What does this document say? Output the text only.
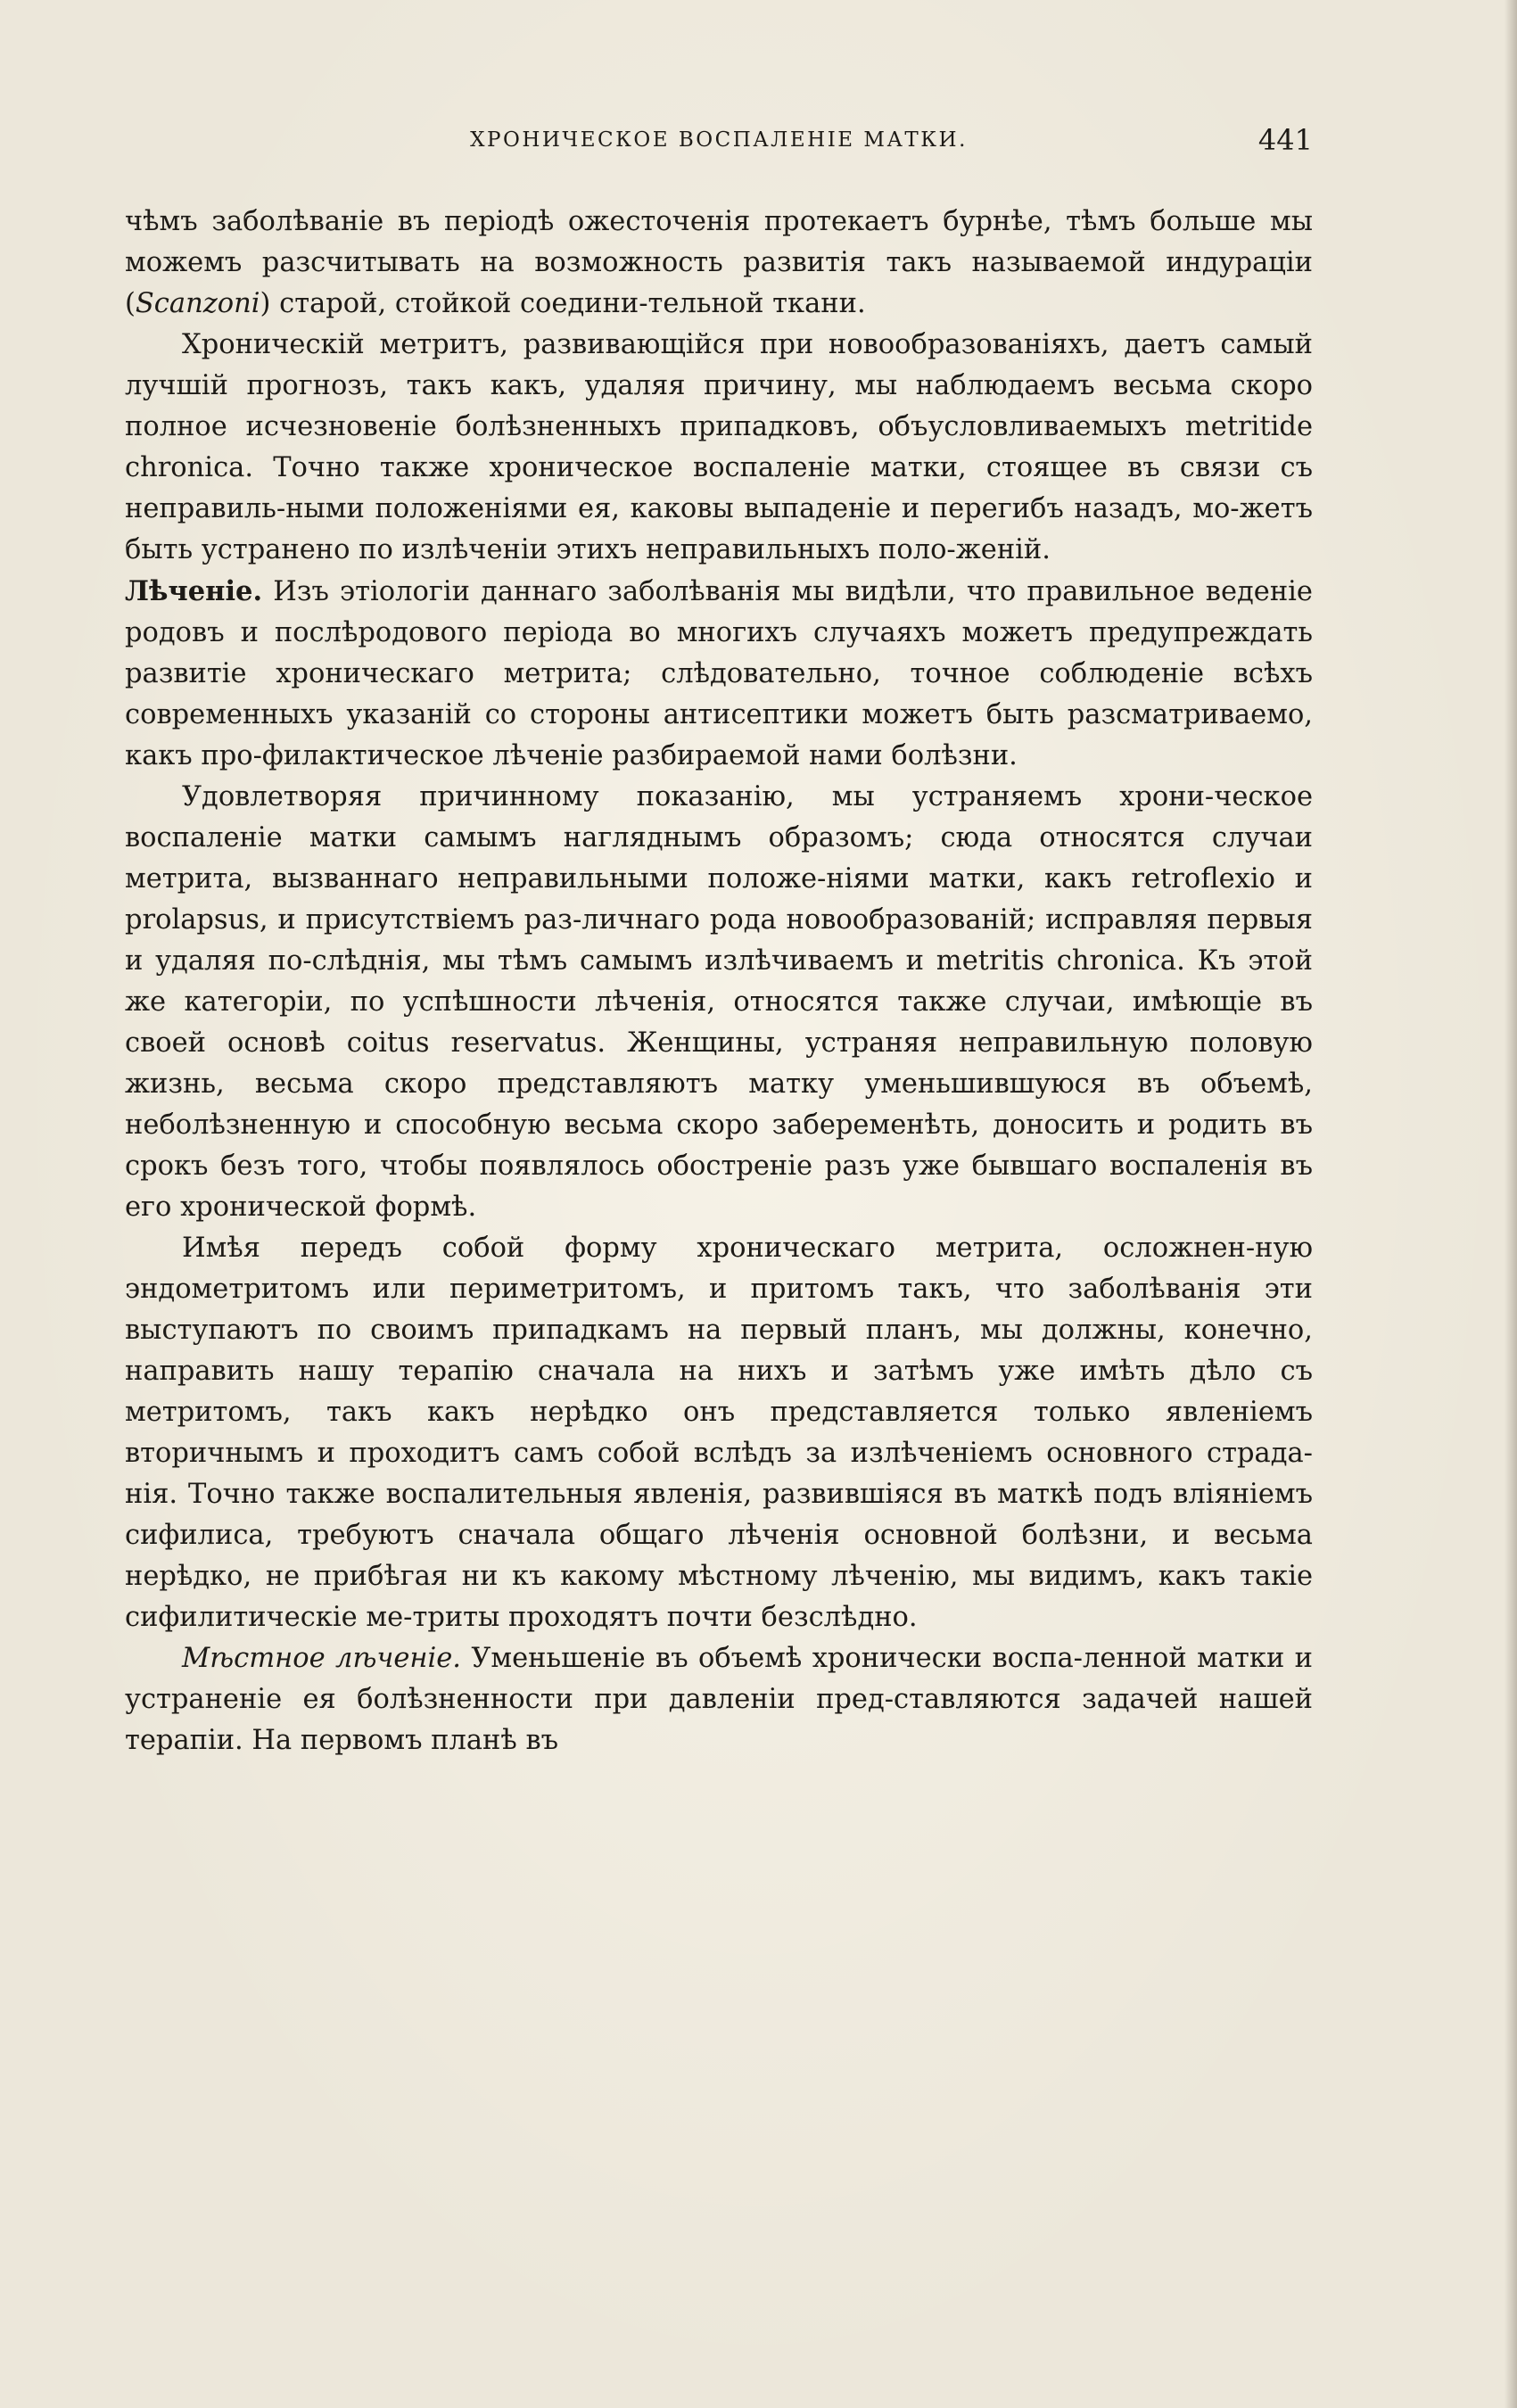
ХРОНИЧЕСКОЕ ВОСПАЛЕНІЕ МАТКИ.	441

чѣмъ заболѣваніе въ періодѣ ожесточенія протекаетъ бурнѣе, тѣмъ больше мы можемъ разсчитывать на возможность развитія такъ называемой индураціи (Scanzoni) старой, стойкой соедини-тельной ткани.

Хроническій метритъ, развивающійся при новообразованіяхъ, даетъ самый лучшій прогнозъ, такъ какъ, удаляя причину, мы наблюдаемъ весьма скоро полное исчезновеніе болѣзненныхъ припадковъ, объусловливаемыхъ metritide chronica. Точно также хроническое воспаленіе матки, стоящее въ связи съ неправиль-ными положеніями ея, каковы выпаденіе и перегибъ назадъ, мо-жетъ быть устранено по излѣченіи этихъ неправильныхъ поло-женій.

Лѣченіе. Изъ этіологіи даннаго заболѣванія мы видѣли, что правильное веденіе родовъ и послѣродового періода во многихъ случаяхъ можетъ предупреждать развитіе хроническаго метрита; слѣдовательно, точное соблюденіе всѣхъ современныхъ указаній со стороны антисептики можетъ быть разсматриваемо, какъ про-филактическое лѣченіе разбираемой нами болѣзни.

Удовлетворяя причинному показанію, мы устраняемъ хрони-ческое воспаленіе матки самымъ нагляднымъ образомъ; сюда относятся случаи метрита, вызваннаго неправильными положе-ніями матки, какъ retroflexio и prolapsus, и присутствіемъ раз-личнаго рода новообразованій; исправляя первыя и удаляя по-слѣднія, мы тѣмъ самымъ излѣчиваемъ и metritis chronica. Къ этой же категоріи, по успѣшности лѣченія, относятся также случаи, имѣющіе въ своей основѣ coitus reservatus. Женщины, устраняя неправильную половую жизнь, весьма скоро представляютъ матку уменьшившуюся въ объемѣ, неболѣзненную и способную весьма скоро забеременѣть, доносить и родить въ срокъ безъ того, чтобы появлялось обостреніе разъ уже бывшаго воспаленія въ его хронической формѣ.

Имѣя передъ собой форму хроническаго метрита, осложнен-ную эндометритомъ или периметритомъ, и притомъ такъ, что заболѣванія эти выступаютъ по своимъ припадкамъ на первый планъ, мы должны, конечно, направить нашу терапію сначала на нихъ и затѣмъ уже имѣть дѣло съ метритомъ, такъ какъ нерѣдко онъ представляется только явленіемъ вторичнымъ и проходитъ самъ собой вслѣдъ за излѣченіемъ основного страда-нія. Точно также воспалительныя явленія, развившіяся въ маткѣ подъ вліяніемъ сифилиса, требуютъ сначала общаго лѣченія основной болѣзни, и весьма нерѣдко, не прибѣгая ни къ какому мѣстному лѣченію, мы видимъ, какъ такіе сифилитическіе ме-триты проходятъ почти безслѣдно.

Мѣстное лѣченіе. Уменьшеніе въ объемѣ хронически воспа-ленной матки и устраненіе ея болѣзненности при давленіи пред-ставляются задачей нашей терапіи. На первомъ планѣ въ
